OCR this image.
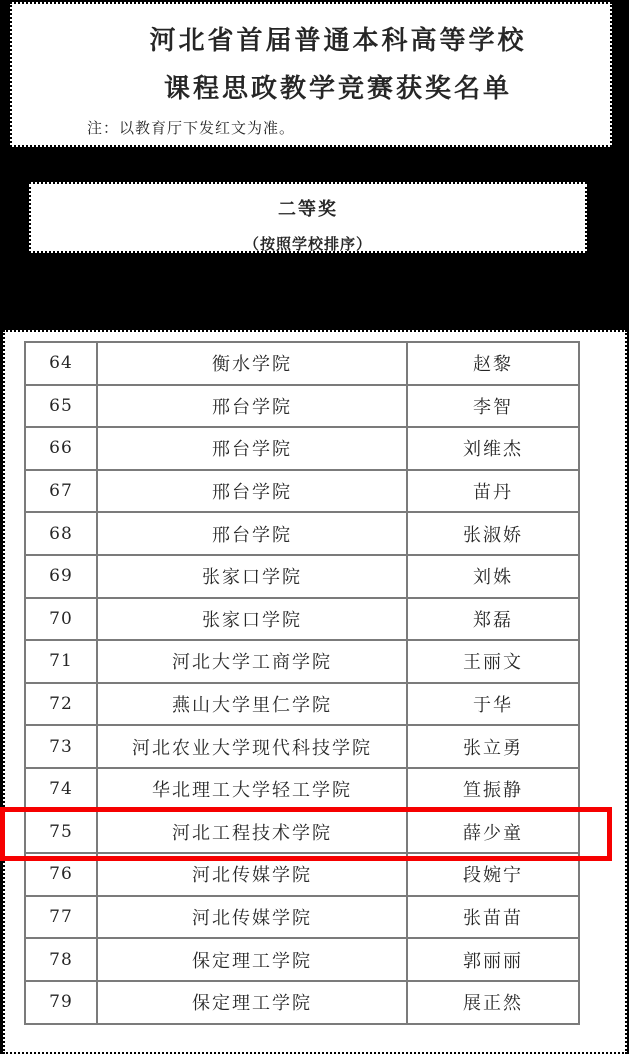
河北省首届普通本科高等学校
课程思政教学竞赛获奖名单
注：以教育厅下发红文为准。
二等奖
（按照学校排序）
64	衡水学院	赵黎
65	邢台学院	李智
66	邢台学院	刘维杰
67	邢台学院	苗丹
68	邢台学院	张淑娇
69	张家口学院	刘姝
70	张家口学院	郑磊
71	河北大学工商学院	王丽文
72	燕山大学里仁学院	于华
73	河北农业大学现代科技学院	张立勇
74	华北理工大学轻工学院	笪振静
75	河北工程技术学院	薛少童
76	河北传媒学院	段婉宁
77	河北传媒学院	张苗苗
78	保定理工学院	郭丽丽
79	保定理工学院	展正然
